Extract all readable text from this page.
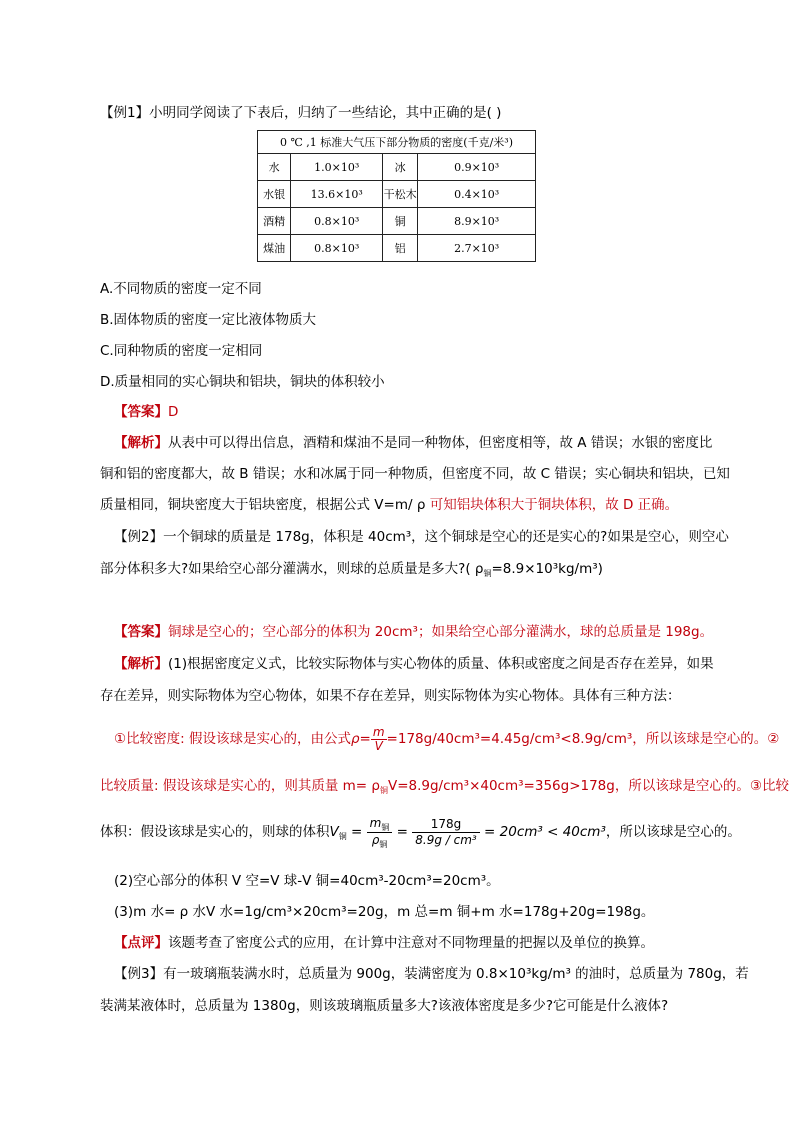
【例1】小明同学阅读了下表后，归纳了一些结论，其中正确的是( )
0 ℃ ,1 标准大气压下部分物质的密度(千克/米³)			
水	1.0×10³	冰	0.9×10³
水银	13.6×10³	干松木	0.4×10³
酒精	0.8×10³	铜	8.9×10³
煤油	0.8×10³	铝	2.7×10³
A.不同物质的密度一定不同
B.固体物质的密度一定比液体物质大
C.同种物质的密度一定相同
D.质量相同的实心铜块和铝块，铜块的体积较小
【答案】D
【解析】从表中可以得出信息，酒精和煤油不是同一种物体，但密度相等，故 A 错误；水银的密度比
铜和铝的密度都大，故 B 错误；水和冰属于同一种物质，但密度不同，故 C 错误；实心铜块和铝块，已知
质量相同，铜块密度大于铝块密度，根据公式 V=m/ ρ 可知铝块体积大于铜块体积，故 D 正确。
【例2】一个铜球的质量是 178g，体积是 40cm³，这个铜球是空心的还是实心的?如果是空心，则空心
部分体积多大?如果给空心部分灌满水，则球的总质量是多大?( $\rho_铜=8.9\times 10^3kg/m^3$)
【答案】铜球是空心的；空心部分的体积为 20cm³；如果给空心部分灌满水，球的总质量是 198g。
【解析】(1)根据密度定义式，比较实际物体与实心物体的质量、体积或密度之间是否存在差异，如果
存在差异，则实际物体为空心物体，如果不存在差异，则实际物体为实心物体。具体有三种方法：
①比较密度: 假设该球是实心的，由公式$\rho= \frac{m}{V} =178g/40cm^3=4.45g/cm^3<8.9g/cm^3$，所以该球是空心的。②
比较质量: 假设该球是实心的，则其质量 $m= \rho_铜V=8.9g/cm^3\times 40cm^3=356g>178g$，所以该球是空心的。③比较
体积：假设该球是实心的，则球的体积$V_铜 = \frac{m_铜}{\rho_铜} = \frac{178g}{\text{8.9g / cm³}} = 20cm^3 < 40cm^3$，所以该球是空心的。
(2)空心部分的体积 V 空=V 球-V 铜=40cm³-20cm³=20cm³。
(3)m 水= ρ 水V 水=1g/cm³×20cm³=20g，m 总=m 铜+m 水=178g+20g=198g。
【点评】该题考查了密度公式的应用，在计算中注意对不同物理量的把握以及单位的换算。
【例3】有一玻璃瓶装满水时，总质量为 900g，装满密度为 0.8×10³kg/m³ 的油时，总质量为 780g，若
装满某液体时，总质量为 1380g，则该玻璃瓶质量多大?该液体密度是多少?它可能是什么液体?
